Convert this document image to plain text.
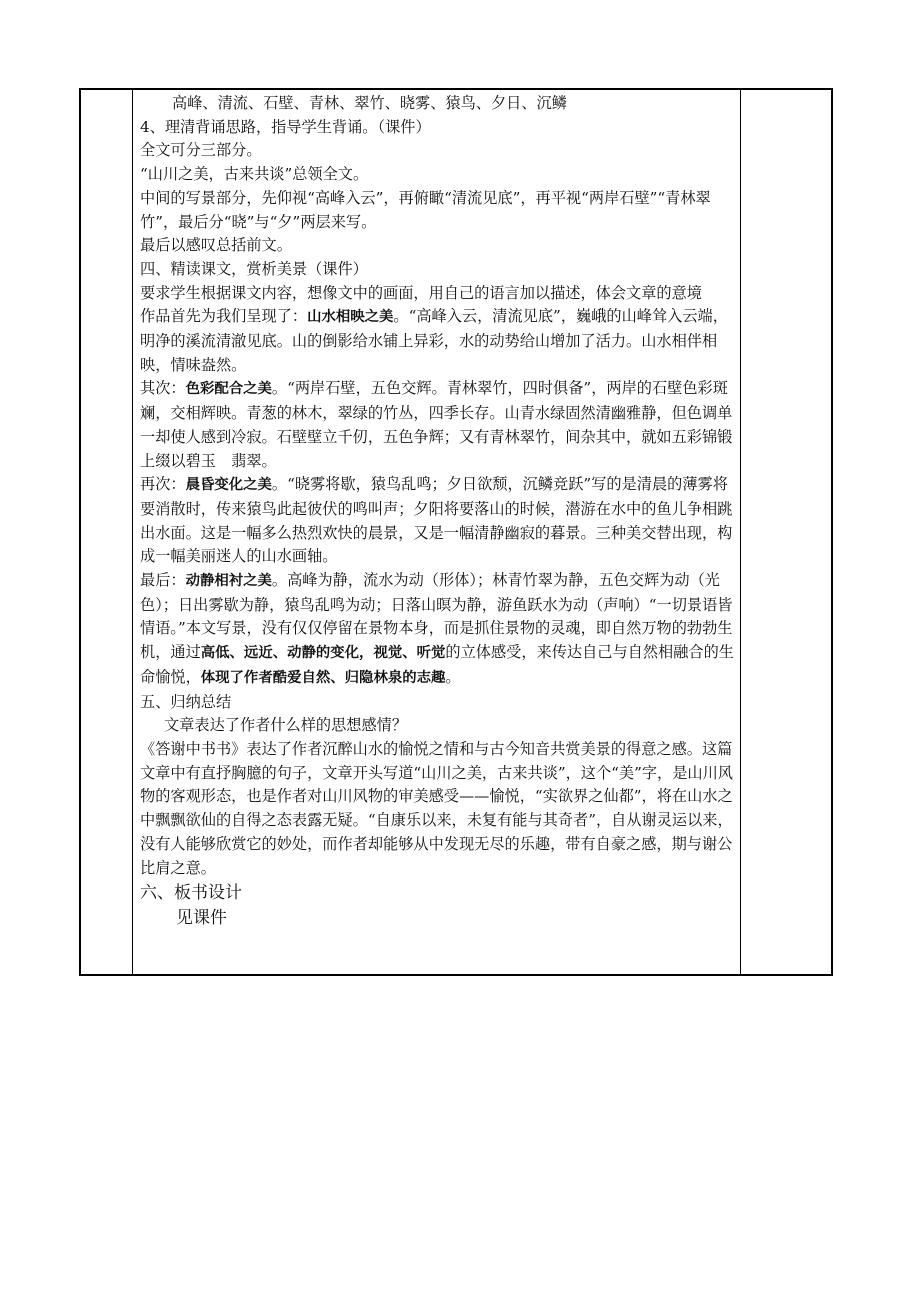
高峰、清流、石壁、青林、翠竹、晓雾、猿鸟、夕日、沉鳞

4、理清背诵思路，指导学生背诵。（课件）

全文可分三部分。

“山川之美，古来共谈”总领全文。

中间的写景部分，先仰视“高峰入云”，再俯瞰“清流见底”，再平视“两岸石壁”“青林翠竹”，最后分“晓”与“夕”两层来写。

最后以感叹总括前文。

四、精读课文，赏析美景（课件）

要求学生根据课文内容，想像文中的画面，用自己的语言加以描述，体会文章的意境

作品首先为我们呈现了：山水相映之美。“高峰入云，清流见底”，巍峨的山峰耸入云端，明净的溪流清澈见底。山的倒影给水铺上异彩，水的动势给山增加了活力。山水相伴相映，情味盎然。

其次：色彩配合之美。“两岸石壁，五色交辉。青林翠竹，四时俱备”，两岸的石壁色彩斑斓，交相辉映。青葱的林木，翠绿的竹丛，四季长存。山青水绿固然清幽雅静，但色调单一却使人感到冷寂。石壁壁立千仞，五色争辉；又有青林翠竹，间杂其中，就如五彩锦锻上缀以碧玉　翡翠。

再次：晨昏变化之美。“晓雾将歇，猿鸟乱鸣；夕日欲颓，沉鳞竞跃”写的是清晨的薄雾将要消散时，传来猿鸟此起彼伏的鸣叫声；夕阳将要落山的时候，潜游在水中的鱼儿争相跳出水面。这是一幅多么热烈欢快的晨景，又是一幅清静幽寂的暮景。三种美交替出现，构成一幅美丽迷人的山水画轴。

最后：动静相衬之美。高峰为静，流水为动（形体）；林青竹翠为静，五色交辉为动（光色）；日出雾歇为静，猿鸟乱鸣为动；日落山暝为静，游鱼跃水为动（声响）“一切景语皆情语。”本文写景，没有仅仅停留在景物本身，而是抓住景物的灵魂，即自然万物的勃勃生机，通过高低、远近、动静的变化，视觉、听觉的立体感受，来传达自己与自然相融合的生命愉悦，体现了作者酷爱自然、归隐林泉的志趣。

五、归纳总结

文章表达了作者什么样的思想感情？

《答谢中书书》表达了作者沉醉山水的愉悦之情和与古今知音共赏美景的得意之感。这篇文章中有直抒胸臆的句子，文章开头写道“山川之美，古来共谈”，这个“美”字，是山川风物的客观形态，也是作者对山川风物的审美感受——愉悦，“实欲界之仙都”，将在山水之中飘飘欲仙的自得之态表露无疑。“自康乐以来，未复有能与其奇者”，自从谢灵运以来，没有人能够欣赏它的妙处，而作者却能够从中发现无尽的乐趣，带有自豪之感，期与谢公比肩之意。

六、板书设计

见课件
